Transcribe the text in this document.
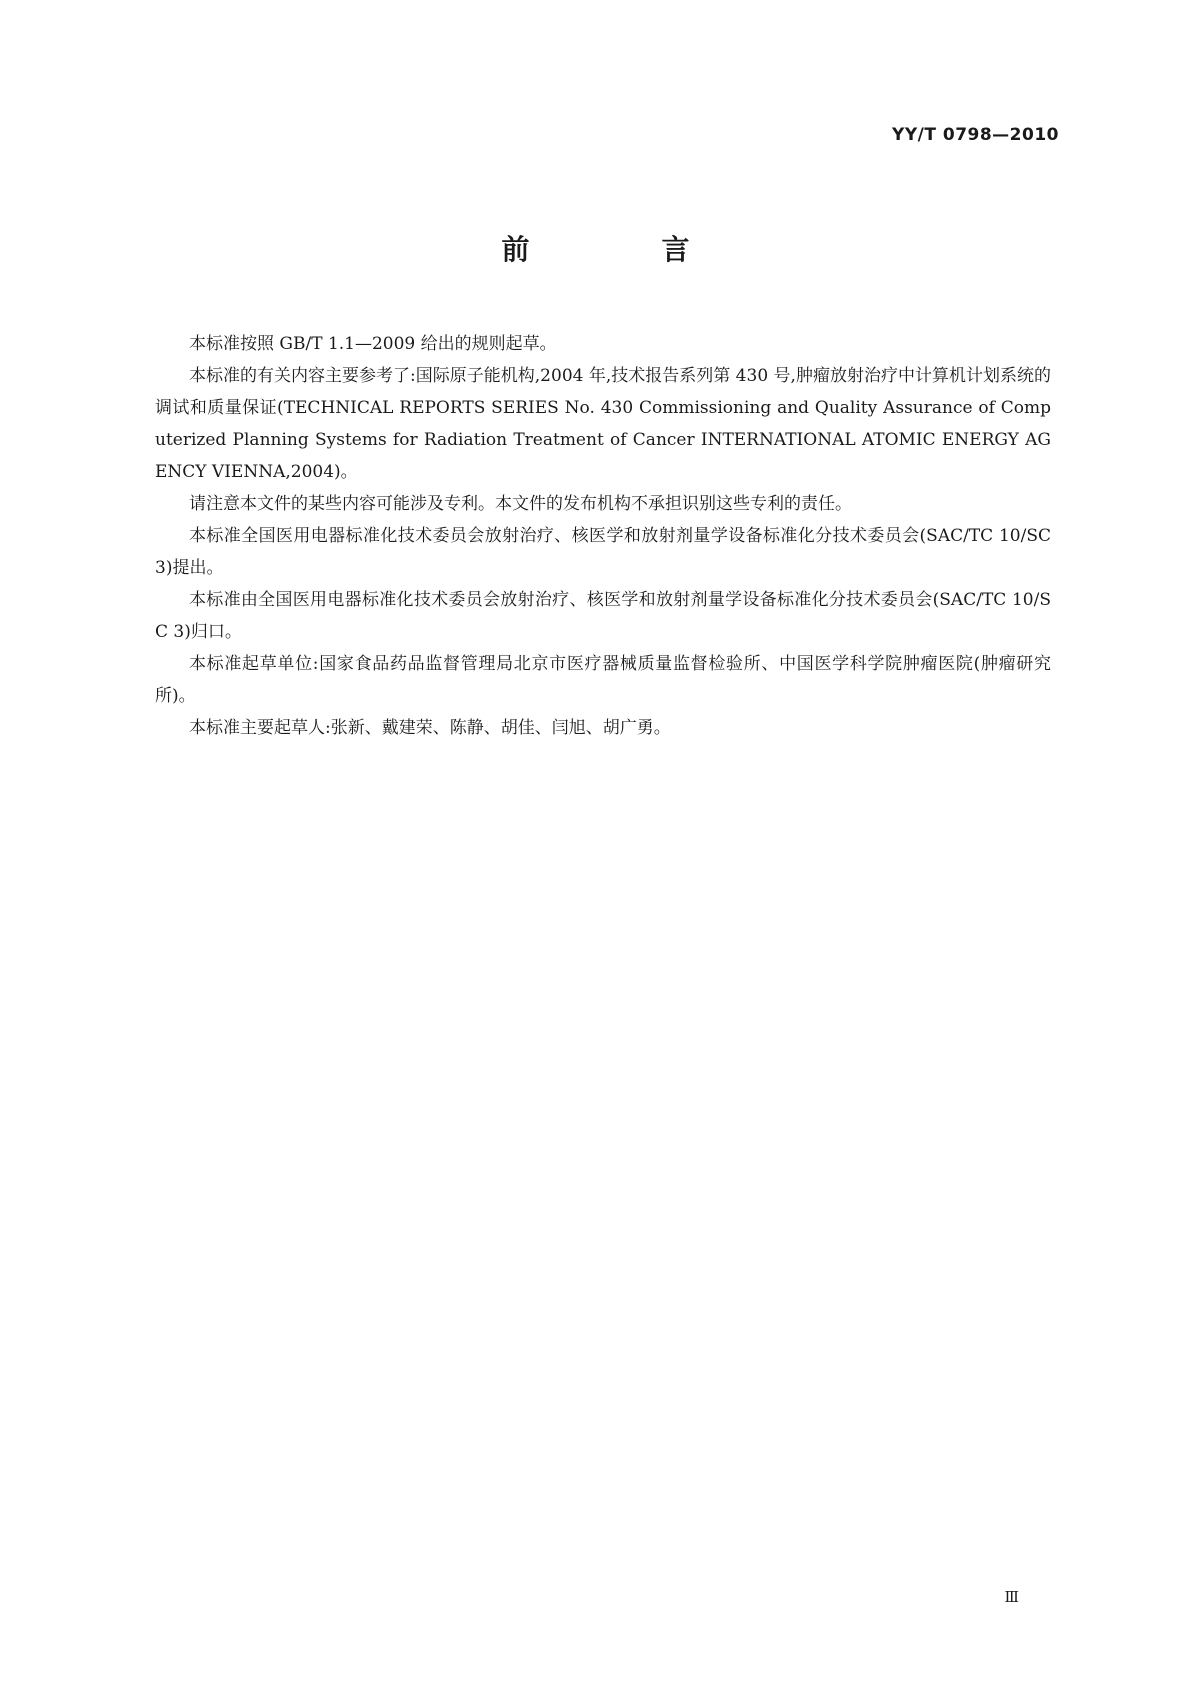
YY/T 0798—2010
前　言

本标准按照 GB/T 1.1—2009 给出的规则起草。

本标准的有关内容主要参考了:国际原子能机构,2004 年,技术报告系列第 430 号,肿瘤放射治疗中计算机计划系统的调试和质量保证(TECHNICAL REPORTS SERIES No. 430 Commissioning and Quality Assurance of Computerized Planning Systems for Radiation Treatment of Cancer INTERNATIONAL ATOMIC ENERGY AGENCY VIENNA,2004)。

请注意本文件的某些内容可能涉及专利。本文件的发布机构不承担识别这些专利的责任。

本标准全国医用电器标准化技术委员会放射治疗、核医学和放射剂量学设备标准化分技术委员会(SAC/TC 10/SC 3)提出。

本标准由全国医用电器标准化技术委员会放射治疗、核医学和放射剂量学设备标准化分技术委员会(SAC/TC 10/SC 3)归口。

本标准起草单位:国家食品药品监督管理局北京市医疗器械质量监督检验所、中国医学科学院肿瘤医院(肿瘤研究所)。

本标准主要起草人:张新、戴建荣、陈静、胡佳、闫旭、胡广勇。

Ⅲ
